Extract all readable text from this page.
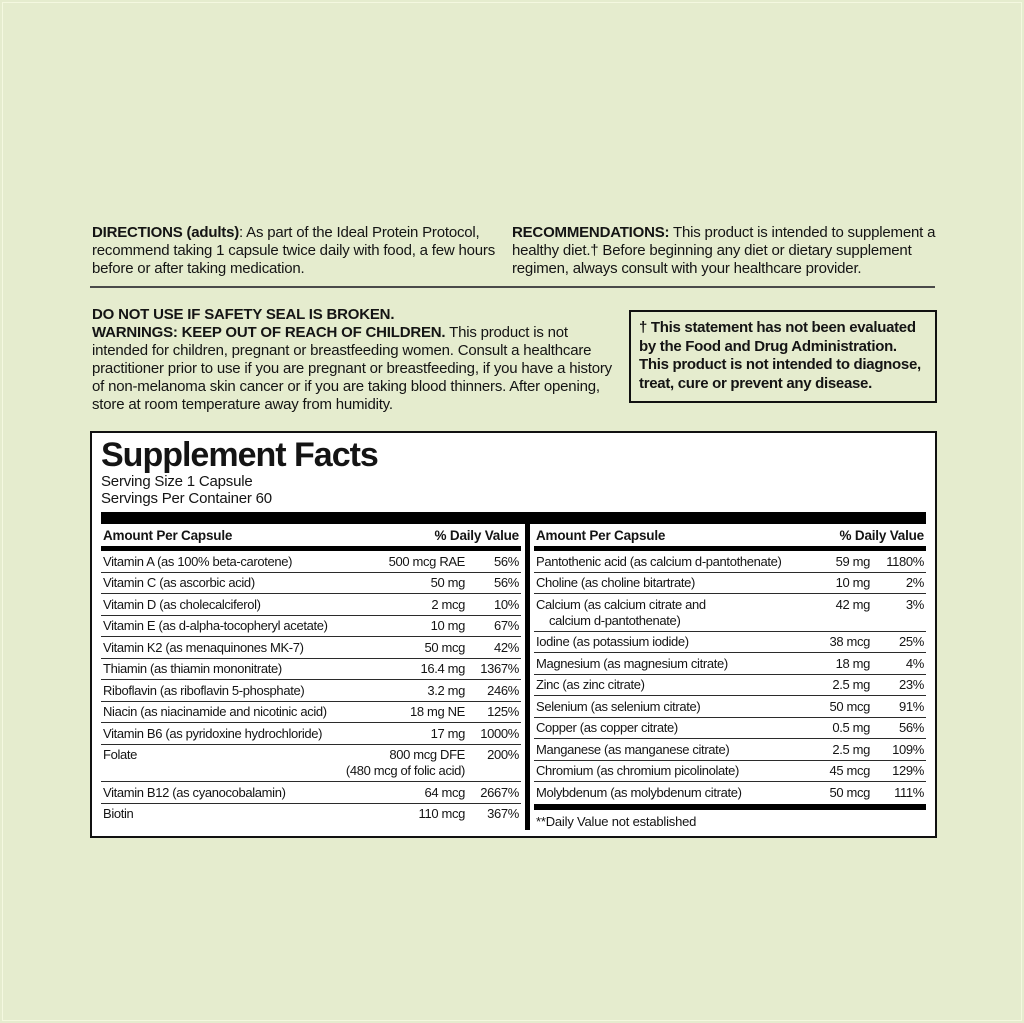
DIRECTIONS (adults): As part of the Ideal Protein Protocol, recommend taking 1 capsule twice daily with food, a few hours before or after taking medication.

RECOMMENDATIONS: This product is intended to supplement a healthy diet.† Before beginning any diet or dietary supplement regimen, always consult with your healthcare provider.

DO NOT USE IF SAFETY SEAL IS BROKEN.
WARNINGS: KEEP OUT OF REACH OF CHILDREN. This product is not intended for children, pregnant or breastfeeding women. Consult a healthcare practitioner prior to use if you are pregnant or breastfeeding, if you have a history of non-melanoma skin cancer or if you are taking blood thinners. After opening, store at room temperature away from humidity.
† This statement has not been evaluated by the Food and Drug Administration. This product is not intended to diagnose, treat, cure or prevent any disease.
Supplement Facts
Serving Size 1 Capsule
Servings Per Container 60
Amount Per Capsule	% Daily Value
Vitamin A (as 100% beta-carotene)	500 mcg RAE	56%
Vitamin C (as ascorbic acid)	50 mg	56%
Vitamin D (as cholecalciferol)	2 mcg	10%
Vitamin E (as d-alpha-tocopheryl acetate)	10 mg	67%
Vitamin K2 (as menaquinones MK-7)	50 mcg	42%
Thiamin (as thiamin mononitrate)	16.4 mg	1367%
Riboflavin (as riboflavin 5-phosphate)	3.2 mg	246%
Niacin (as niacinamide and nicotinic acid)	18 mg NE	125%
Vitamin B6 (as pyridoxine hydrochloride)	17 mg	1000%
Folate	800 mcg DFE	200%
(480 mcg of folic acid)
Vitamin B12 (as cyanocobalamin)	64 mcg	2667%
Biotin	110 mcg	367%
Amount Per Capsule	% Daily Value
Pantothenic acid (as calcium d-pantothenate)	59 mg	1180%
Choline (as choline bitartrate)	10 mg	2%
Calcium (as calcium citrate and
calcium d-pantothenate)
42 mg	3%
Iodine (as potassium iodide)	38 mcg	25%
Magnesium (as magnesium citrate)	18 mg	4%
Zinc (as zinc citrate)	2.5 mg	23%
Selenium (as selenium citrate)	50 mcg	91%
Copper (as copper citrate)	0.5 mg	56%
Manganese (as manganese citrate)	2.5 mg	109%
Chromium (as chromium picolinolate)	45 mcg	129%
Molybdenum (as molybdenum citrate)	50 mcg	111%
**Daily Value not established
